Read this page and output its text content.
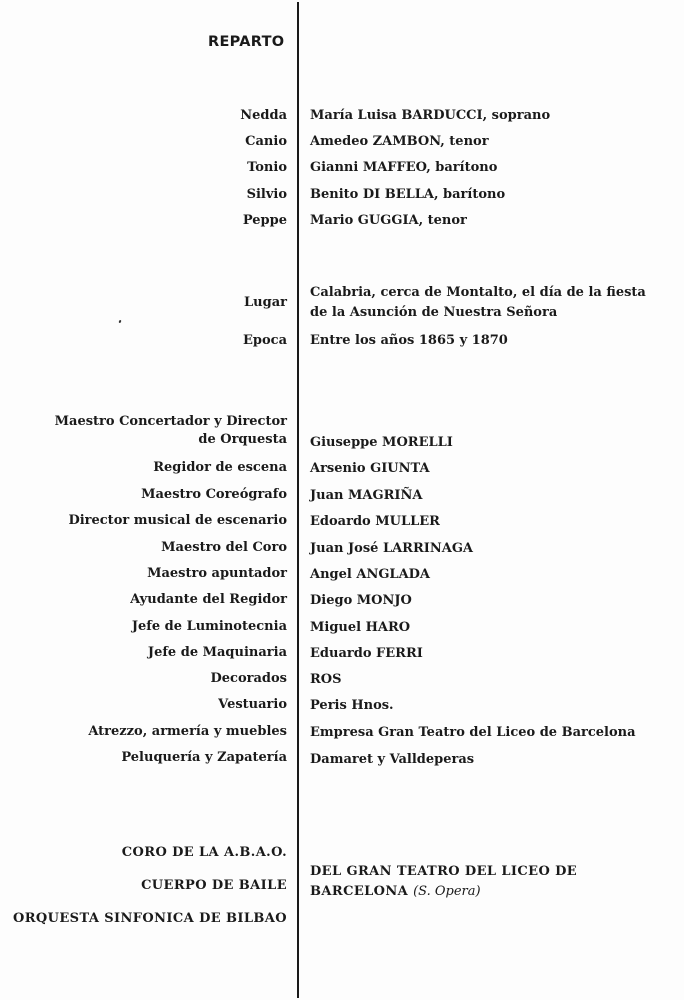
REPARTO
Nedda María Luisa BARDUCCI, soprano
Canio Amedeo ZAMBON, tenor
Tonio Gianni MAFFEO, barítono
Silvio Benito DI BELLA, barítono
Peppe Mario GUGGIA, tenor
Lugar
Calabria, cerca de Montalto, el día de la fiesta
de la Asunción de Nuestra Señora
Epoca Entre los años 1865 y 1870
Maestro Concertador y Director
de Orquesta Giuseppe MORELLI
Regidor de escena Arsenio GIUNTA
Maestro Coreógrafo Juan MAGRIÑA
Director musical de escenario Edoardo MULLER
Maestro del Coro Juan José LARRINAGA
Maestro apuntador Angel ANGLADA
Ayudante del Regidor Diego MONJO
Jefe de Luminotecnia Miguel HARO
Jefe de Maquinaria Eduardo FERRI
Decorados ROS
Vestuario Peris Hnos.
Atrezzo, armería y muebles Empresa Gran Teatro del Liceo de Barcelona
Peluquería y Zapatería Damaret y Valldeperas
CORO DE LA A.B.A.O.
CUERPO DE BAILE
ORQUESTA SINFONICA DE BILBAO
DEL GRAN TEATRO DEL LICEO DE
BARCELONA (S. Opera)
